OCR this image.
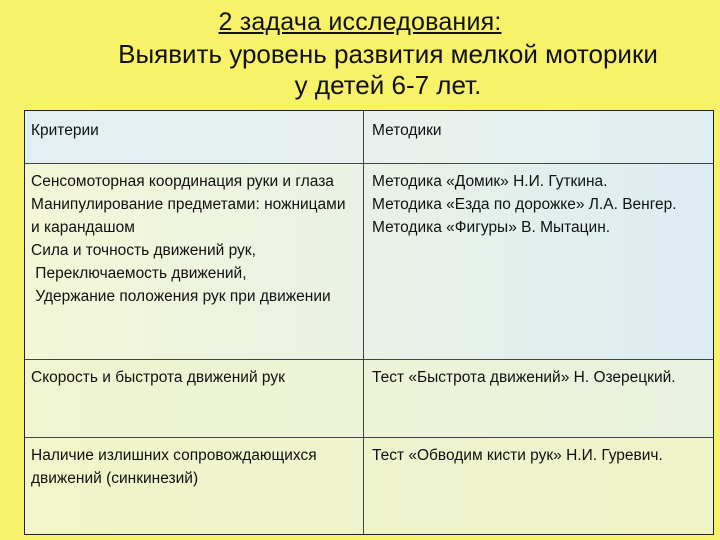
2 задача исследования:
Выявить уровень развития мелкой моторики
у детей 6-7 лет.
Критерии	Методики
Сенсомоторная координация руки и глаза
Манипулирование предметами: ножницами и карандашом
Сила и точность движений рук,
Переключаемость движений,
Удержание положения рук при движении
Методика «Домик» Н.И. Гуткина.
Методика «Езда по дорожке» Л.А. Венгер.
Методика «Фигуры» В. Мытацин.
Скорость и быстрота движений рук	Тест «Быстрота движений» Н. Озерецкий.
Наличие излишних сопровождающихся движений (синкинезий)
Тест «Обводим кисти рук» Н.И. Гуревич.
